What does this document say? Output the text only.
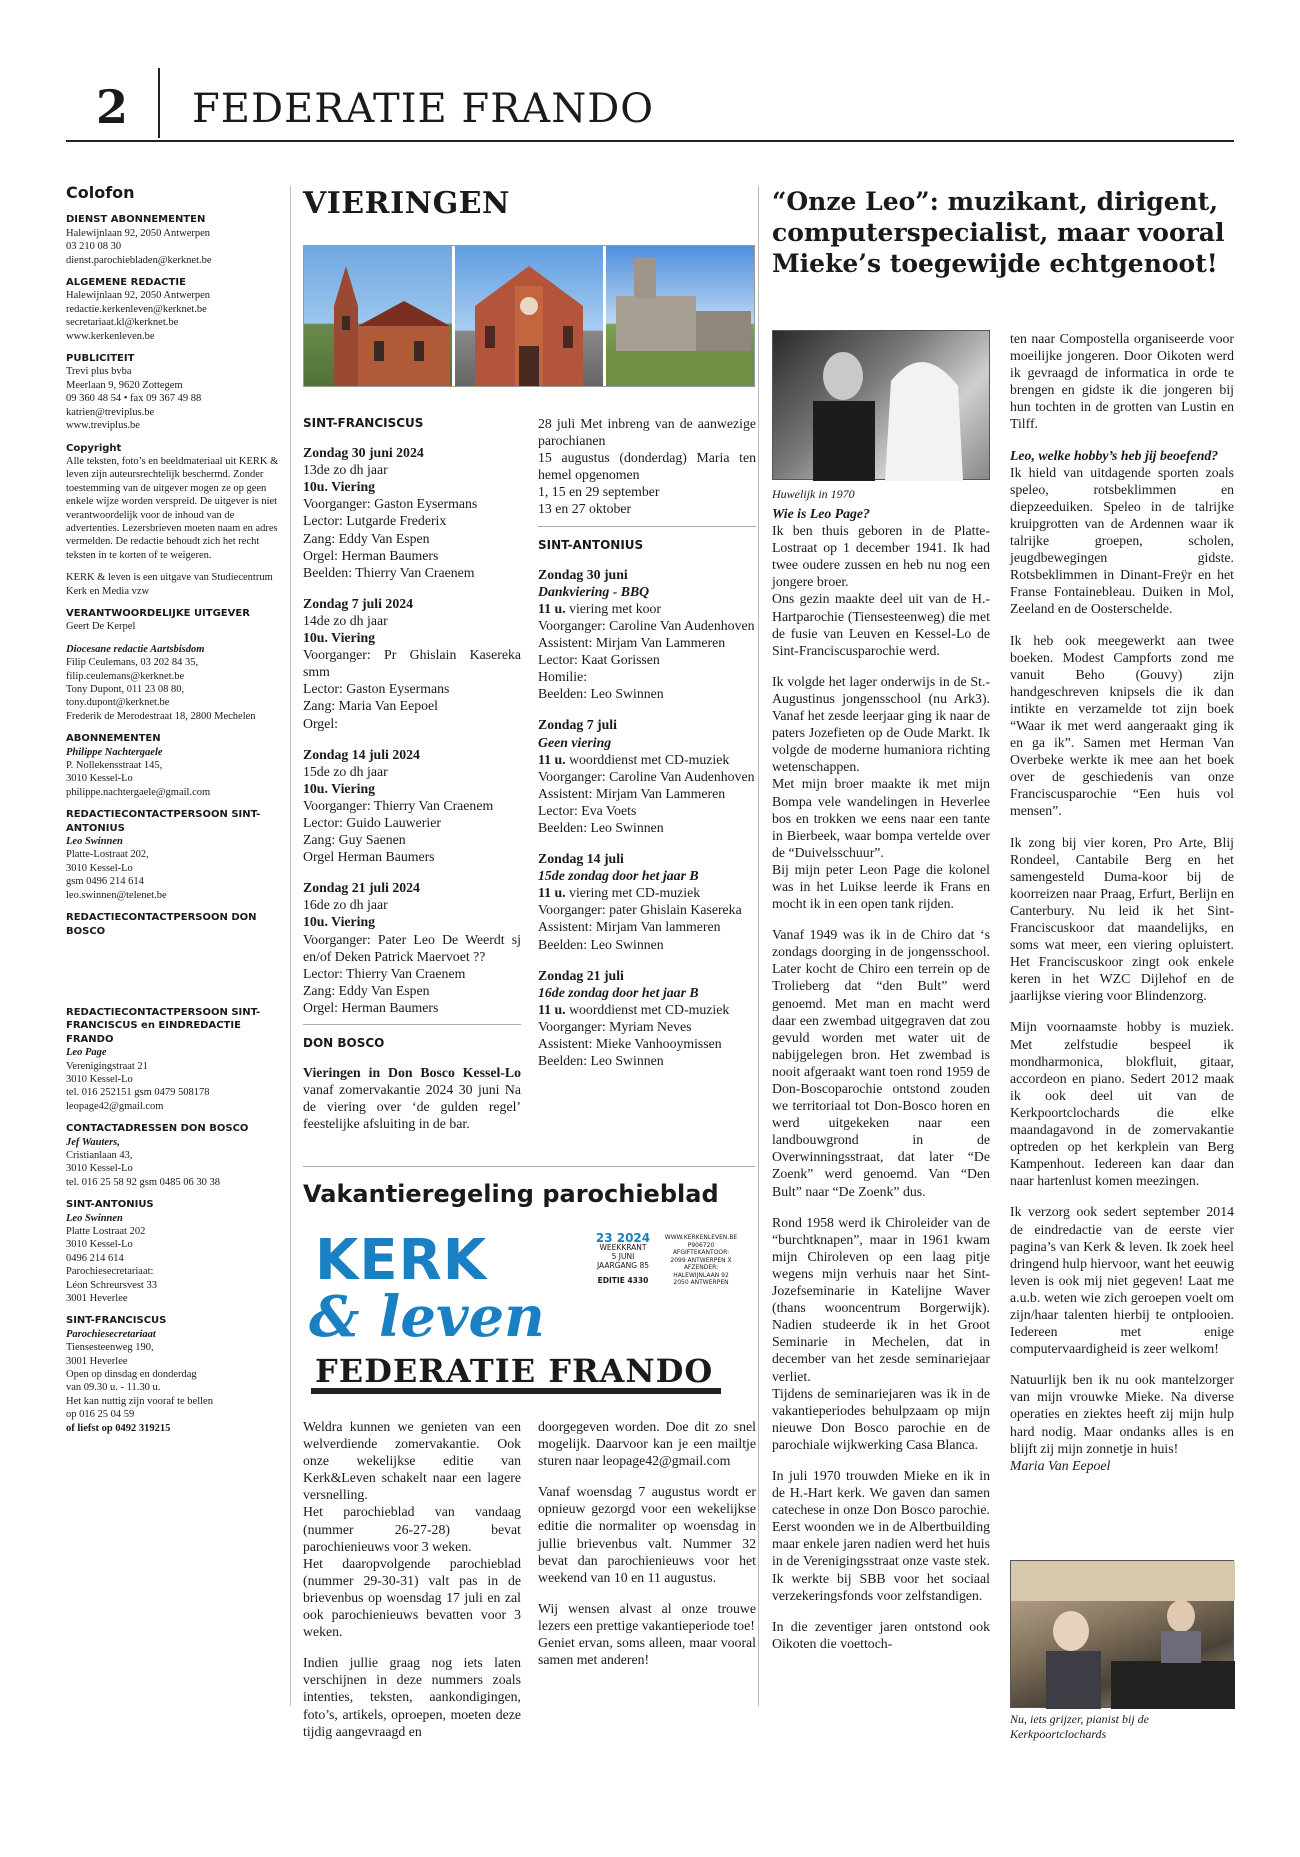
2 FEDERATIE FRANDO
Colofon
DIENST ABONNEMENTEN
Halewijnlaan 92, 2050 Antwerpen
03 210 08 30
dienst.parochiebladen@kerknet.be
ALGEMENE REDACTIE
Halewijnlaan 92, 2050 Antwerpen
redactie.kerkenleven@kerknet.be
secretariaat.kl@kerknet.be
www.kerkenleven.be
PUBLICITEIT
Trevi plus bvba
Meerlaan 9, 9620 Zottegem
09 360 48 54 • fax 09 367 49 88
katrien@treviplus.be
www.treviplus.be
Copyright
Alle teksten, foto’s en beeldmateriaal uit KERK & leven zijn auteursrechtelijk beschermd. Zonder toestemming van de uitgever mogen ze op geen enkele wijze worden verspreid. De uitgever is niet verantwoordelijk voor de inhoud van de advertenties. Lezersbrieven moeten naam en adres vermelden. De redactie behoudt zich het recht teksten in te korten of te weigeren.
KERK & leven is een uitgave van Studiecentrum Kerk en Media vzw
VERANTWOORDELIJKE UITGEVER
Geert De Kerpel
Diocesane redactie Aartsbisdom
Filip Ceulemans, 03 202 84 35,
filip.ceulemans@kerknet.be
Tony Dupont, 011 23 08 80,
tony.dupont@kerknet.be
Frederik de Merodestraat 18, 2800 Mechelen
ABONNEMENTEN
Philippe Nachtergaele
P. Nollekensstraat 145,
3010 Kessel-Lo
philippe.nachtergaele@gmail.com
REDACTIECONTACTPERSOON SINT-ANTONIUS
Leo Swinnen
Platte-Lostraat 202,
3010 Kessel-Lo
gsm 0496 214 614
leo.swinnen@telenet.be
REDACTIECONTACTPERSOON DON BOSCO
REDACTIECONTACTPERSOON SINT-FRANCISCUS en EINDREDACTIE FRANDO
Leo Page
Verenigingstraat 21
3010 Kessel-Lo
tel. 016 252151 gsm 0479 508178
leopage42@gmail.com
CONTACTADRESSEN DON BOSCO
Jef Wauters,
Cristianlaan 43,
3010 Kessel-Lo
tel. 016 25 58 92 gsm 0485 06 30 38
SINT-ANTONIUS
Leo Swinnen
Platte Lostraat 202
3010 Kessel-Lo
0496 214 614
Parochiesecretariaat:
Léon Schreursvest 33
3001 Heverlee
SINT-FRANCISCUS
Parochiesecretariaat
Tiensesteenweg 190,
3001 Heverlee
Open op dinsdag en donderdag
van 09.30 u. - 11.30 u.
Het kan nuttig zijn vooraf te bellen
op 016 25 04 59
of liefst op 0492 319215
VIERINGEN
SINT-FRANCISCUS
Zondag 30 juni 2024
13de zo dh jaar
10u. Viering
Voorganger: Gaston Eysermans
Lector: Lutgarde Frederix
Zang: Eddy Van Espen
Orgel: Herman Baumers
Beelden: Thierry Van Craenem
Zondag 7 juli 2024
14de zo dh jaar
10u. Viering
Voorganger: Pr Ghislain Kasereka smm
Lector: Gaston Eysermans
Zang: Maria Van Eepoel
Orgel:
Zondag 14 juli 2024
15de zo dh jaar
10u. Viering
Voorganger: Thierry Van Craenem
Lector: Guido Lauwerier
Zang: Guy Saenen
Orgel Herman Baumers
Zondag 21 juli 2024
16de zo dh jaar
10u. Viering
Voorganger: Pater Leo De Weerdt sj en/of Deken Patrick Maervoet ??
Lector: Thierry Van Craenem
Zang: Eddy Van Espen
Orgel: Herman Baumers
DON BOSCO
Vieringen in Don Bosco Kessel-Lo vanaf zomervakantie 2024 30 juni Na de viering over ‘de gulden regel’ feestelijke afsluiting in de bar.
28 juli Met inbreng van de aanwezige parochianen
15 augustus (donderdag) Maria ten hemel opgenomen
1, 15 en 29 september
13 en 27 oktober
SINT-ANTONIUS
Zondag 30 juni
Dankviering - BBQ
11 u. viering met koor
Voorganger: Caroline Van Audenhoven
Assistent: Mirjam Van Lammeren
Lector: Kaat Gorissen
Homilie:
Beelden: Leo Swinnen
Zondag 7 juli
Geen viering
11 u. woorddienst met CD-muziek
Voorganger: Caroline Van Audenhoven
Assistent: Mirjam Van Lammeren
Lector: Eva Voets
Beelden: Leo Swinnen
Zondag 14 juli
15de zondag door het jaar B
11 u. viering met CD-muziek
Voorganger: pater Ghislain Kasereka
Assistent: Mirjam Van lammeren
Beelden: Leo Swinnen
Zondag 21 juli
16de zondag door het jaar B
11 u. woorddienst met CD-muziek
Voorganger: Myriam Neves
Assistent: Mieke Vanhooymissen
Beelden: Leo Swinnen
Vakantieregeling parochieblad
KERK
& leven
FEDERATIE FRANDO
23 2024
WEEKKRANT
5 JUNI
JAARGANG 85
EDITIE 4330
WWW.KERKENLEVEN.BE
P906720
AFGIFTEKANTOOR:
2099 ANTWERPEN X
AFZENDER:
HALEWIJNLAAN 92
2050 ANTWERPEN
Weldra kunnen we genieten van een welverdiende zomervakantie. Ook onze wekelijkse editie van Kerk&Leven schakelt naar een lagere versnelling.
Het parochieblad van vandaag (nummer 26-27-28) bevat parochienieuws voor 3 weken.
Het daaropvolgende parochieblad (nummer 29-30-31) valt pas in de brievenbus op woensdag 17 juli en zal ook parochienieuws bevatten voor 3 weken.
Indien jullie graag nog iets laten verschijnen in deze nummers zoals intenties, teksten, aankondigingen, foto’s, artikels, oproepen, moeten deze tijdig aangevraagd en
doorgegeven worden. Doe dit zo snel mogelijk. Daarvoor kan je een mailtje sturen naar leopage42@gmail.com
Vanaf woensdag 7 augustus wordt er opnieuw gezorgd voor een wekelijkse editie die normaliter op woensdag in jullie brievenbus valt. Nummer 32 bevat dan parochienieuws voor het weekend van 10 en 11 augustus.
Wij wensen alvast al onze trouwe lezers een prettige vakantieperiode toe!
Geniet ervan, soms alleen, maar vooral samen met anderen!
“Onze Leo”: muzikant, dirigent, computerspecialist, maar vooral Mieke’s toegewijde echtgenoot!
Huwelijk in 1970
Wie is Leo Page?
Ik ben thuis geboren in de Platte-Lostraat op 1 december 1941. Ik had twee oudere zussen en heb nu nog een jongere broer.
Ons gezin maakte deel uit van de H.-Hartparochie (Tiensesteenweg) die met de fusie van Leuven en Kessel-Lo de Sint-Franciscusparochie werd.
Ik volgde het lager onderwijs in de St.-Augustinus jongensschool (nu Ark3). Vanaf het zesde leerjaar ging ik naar de paters Jozefieten op de Oude Markt. Ik volgde de moderne humaniora richting wetenschappen.
Met mijn broer maakte ik met mijn Bompa vele wandelingen in Heverlee bos en trokken we eens naar een tante in Bierbeek, waar bompa vertelde over de “Duivelsschuur”.
Bij mijn peter Leon Page die kolonel was in het Luikse leerde ik Frans en mocht ik in een open tank rijden.
Vanaf 1949 was ik in de Chiro dat ‘s zondags doorging in de jongensschool. Later kocht de Chiro een terrein op de Trolieberg dat “den Bult” werd genoemd. Met man en macht werd daar een zwembad uitgegraven dat zou gevuld worden met water uit de nabijgelegen bron. Het zwembad is nooit afgeraakt want toen rond 1959 de Don-Boscoparochie ontstond zouden we territoriaal tot Don-Bosco horen en werd uitgekeken naar een landbouwgrond in de Overwinningsstraat, dat later “De Zoenk” werd genoemd. Van “Den Bult” naar “De Zoenk” dus.
Rond 1958 werd ik Chiroleider van de “burchtknapen”, maar in 1961 kwam mijn Chiroleven op een laag pitje wegens mijn verhuis naar het Sint-Jozefseminarie in Katelijne Waver (thans wooncentrum Borgerwijk). Nadien studeerde ik in het Groot Seminarie in Mechelen, dat in december van het zesde seminariejaar verliet.
Tijdens de seminariejaren was ik in de vakantieperiodes behulpzaam op mijn nieuwe Don Bosco parochie en de parochiale wijkwerking Casa Blanca.
In juli 1970 trouwden Mieke en ik in de H.-Hart kerk. We gaven dan samen catechese in onze Don Bosco parochie. Eerst woonden we in de Albertbuilding maar enkele jaren nadien werd het huis in de Verenigingsstraat onze vaste stek. Ik werkte bij SBB voor het sociaal verzekeringsfonds voor zelfstandigen.
In die zeventiger jaren ontstond ook Oikoten die voettoch-
ten naar Compostella organiseerde voor moeilijke jongeren. Door Oikoten werd ik gevraagd de informatica in orde te brengen en gidste ik die jongeren bij hun tochten in de grotten van Lustin en Tilff.
Leo, welke hobby’s heb jij beoefend?
Ik hield van uitdagende sporten zoals speleo, rotsbeklimmen en diepzeeduiken. Speleo in de talrijke kruipgrotten van de Ardennen waar ik talrijke groepen, scholen, jeugdbewegingen gidste. Rotsbeklimmen in Dinant-Freÿr en het Franse Fontainebleau. Duiken in Mol, Zeeland en de Oosterschelde.
Ik heb ook meegewerkt aan twee boeken. Modest Campforts zond me vanuit Beho (Gouvy) zijn handgeschreven knipsels die ik dan intikte en verzamelde tot zijn boek “Waar ik met werd aangeraakt ging ik en ga ik”. Samen met Herman Van Overbeke werkte ik mee aan het boek over de geschiedenis van onze Franciscusparochie “Een huis vol mensen”.
Ik zong bij vier koren, Pro Arte, Blij Rondeel, Cantabile Berg en het samengesteld Duma-koor bij de koorreizen naar Praag, Erfurt, Berlijn en Canterbury. Nu leid ik het Sint-Franciscuskoor dat maandelijks, en soms wat meer, een viering opluistert. Het Franciscuskoor zingt ook enkele keren in het WZC Dijlehof en de jaarlijkse viering voor Blindenzorg.
Mijn voornaamste hobby is muziek. Met zelfstudie bespeel ik mondharmonica, blokfluit, gitaar, accordeon en piano. Sedert 2012 maak ik ook deel uit van de Kerkpoortclochards die elke maandagavond in de zomervakantie optreden op het kerkplein van Berg Kampenhout. Iedereen kan daar dan naar hartenlust komen meezingen.
Ik verzorg ook sedert september 2014 de eindredactie van de eerste vier pagina’s van Kerk & leven. Ik zoek heel dringend hulp hiervoor, want het eeuwig leven is ook mij niet gegeven! Laat me a.u.b. weten wie zich geroepen voelt om zijn/haar talenten hierbij te ontplooien. Iedereen met enige computervaardigheid is zeer welkom!
Natuurlijk ben ik nu ook mantelzorger van mijn vrouwke Mieke. Na diverse operaties en ziektes heeft zij mijn hulp hard nodig. Maar ondanks alles is en blijft zij mijn zonnetje in huis!
Maria Van Eepoel
Nu, iets grijzer, pianist bij de Kerkpoortclochards
